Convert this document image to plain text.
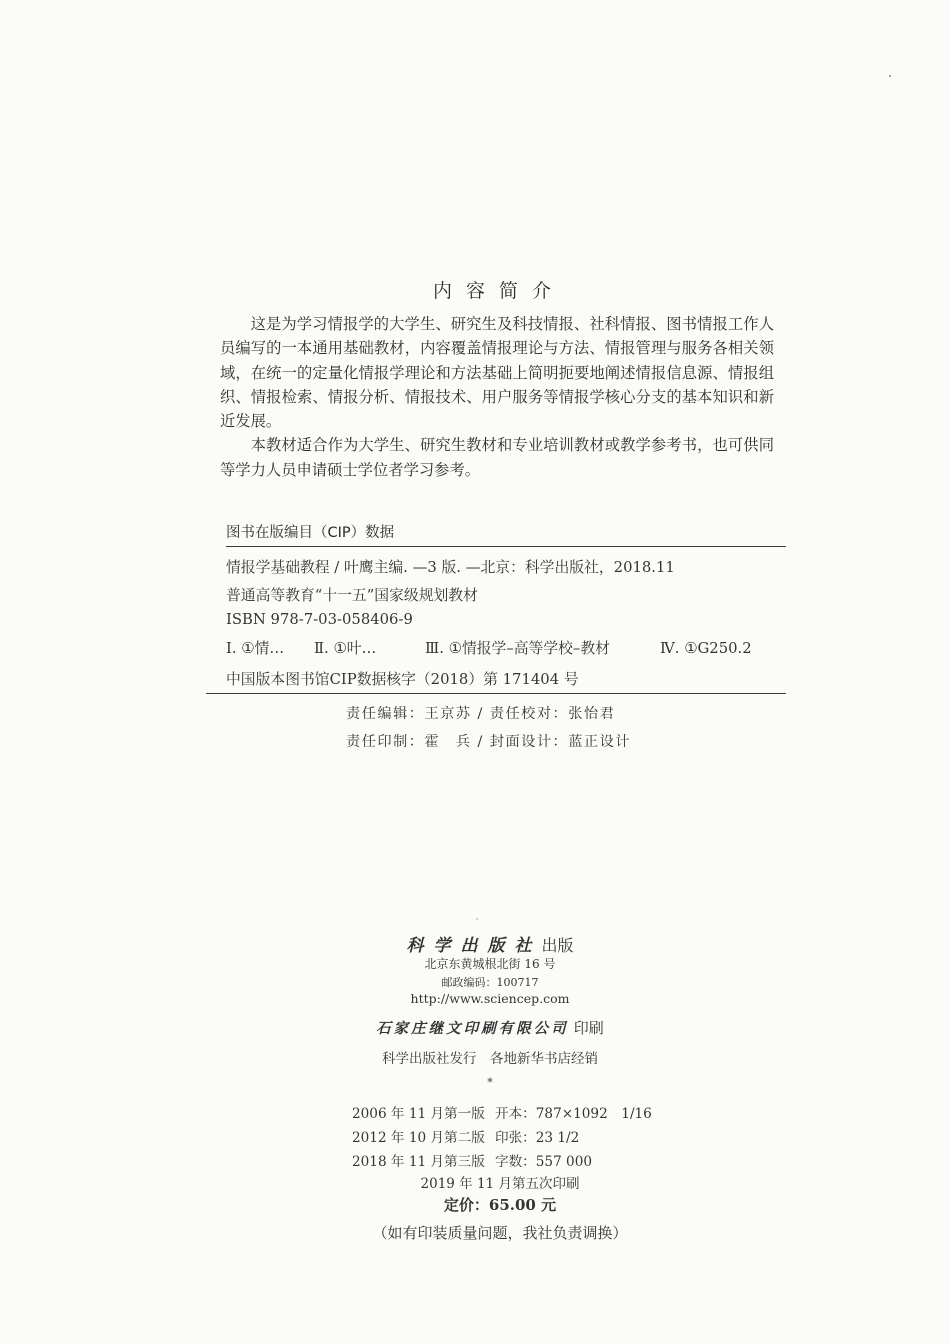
内容简介

这是为学习情报学的大学生、研究生及科技情报、社科情报、图书情报工作人员编写的一本通用基础教材，内容覆盖情报理论与方法、情报管理与服务各相关领域，在统一的定量化情报学理论和方法基础上简明扼要地阐述情报信息源、情报组织、情报检索、情报分析、情报技术、用户服务等情报学核心分支的基本知识和新近发展。

本教材适合作为大学生、研究生教材和专业培训教材或教学参考书，也可供同等学力人员申请硕士学位者学习参考。

图书在版编目（CIP）数据
情报学基础教程 / 叶鹰主编. —3 版. —北京：科学出版社，2018.11
普通高等教育“十一五”国家级规划教材
ISBN 978-7-03-058406-9
Ⅰ. ①情… Ⅱ. ①叶…	Ⅲ. ①情报学–高等学校–教材	Ⅳ. ①G250.2
中国版本图书馆CIP数据核字（2018）第 171404 号
责任编辑：王京苏 / 责任校对：张怡君
责任印制：霍　兵 / 封面设计：蓝正设计
科学出版社出版
北京东黄城根北街 16 号
邮政编码：100717
http://www.sciencep.com
石家庄继文印刷有限公司 印刷
科学出版社发行　各地新华书店经销
*
2006 年 11 月第一版 开本：787×1092　1/16
2012 年 10 月第二版 印张：23 1/2
2018 年 11 月第三版 字数：557 000
2019 年 11 月第五次印刷
定价：65.00 元
（如有印装质量问题，我社负责调换）
